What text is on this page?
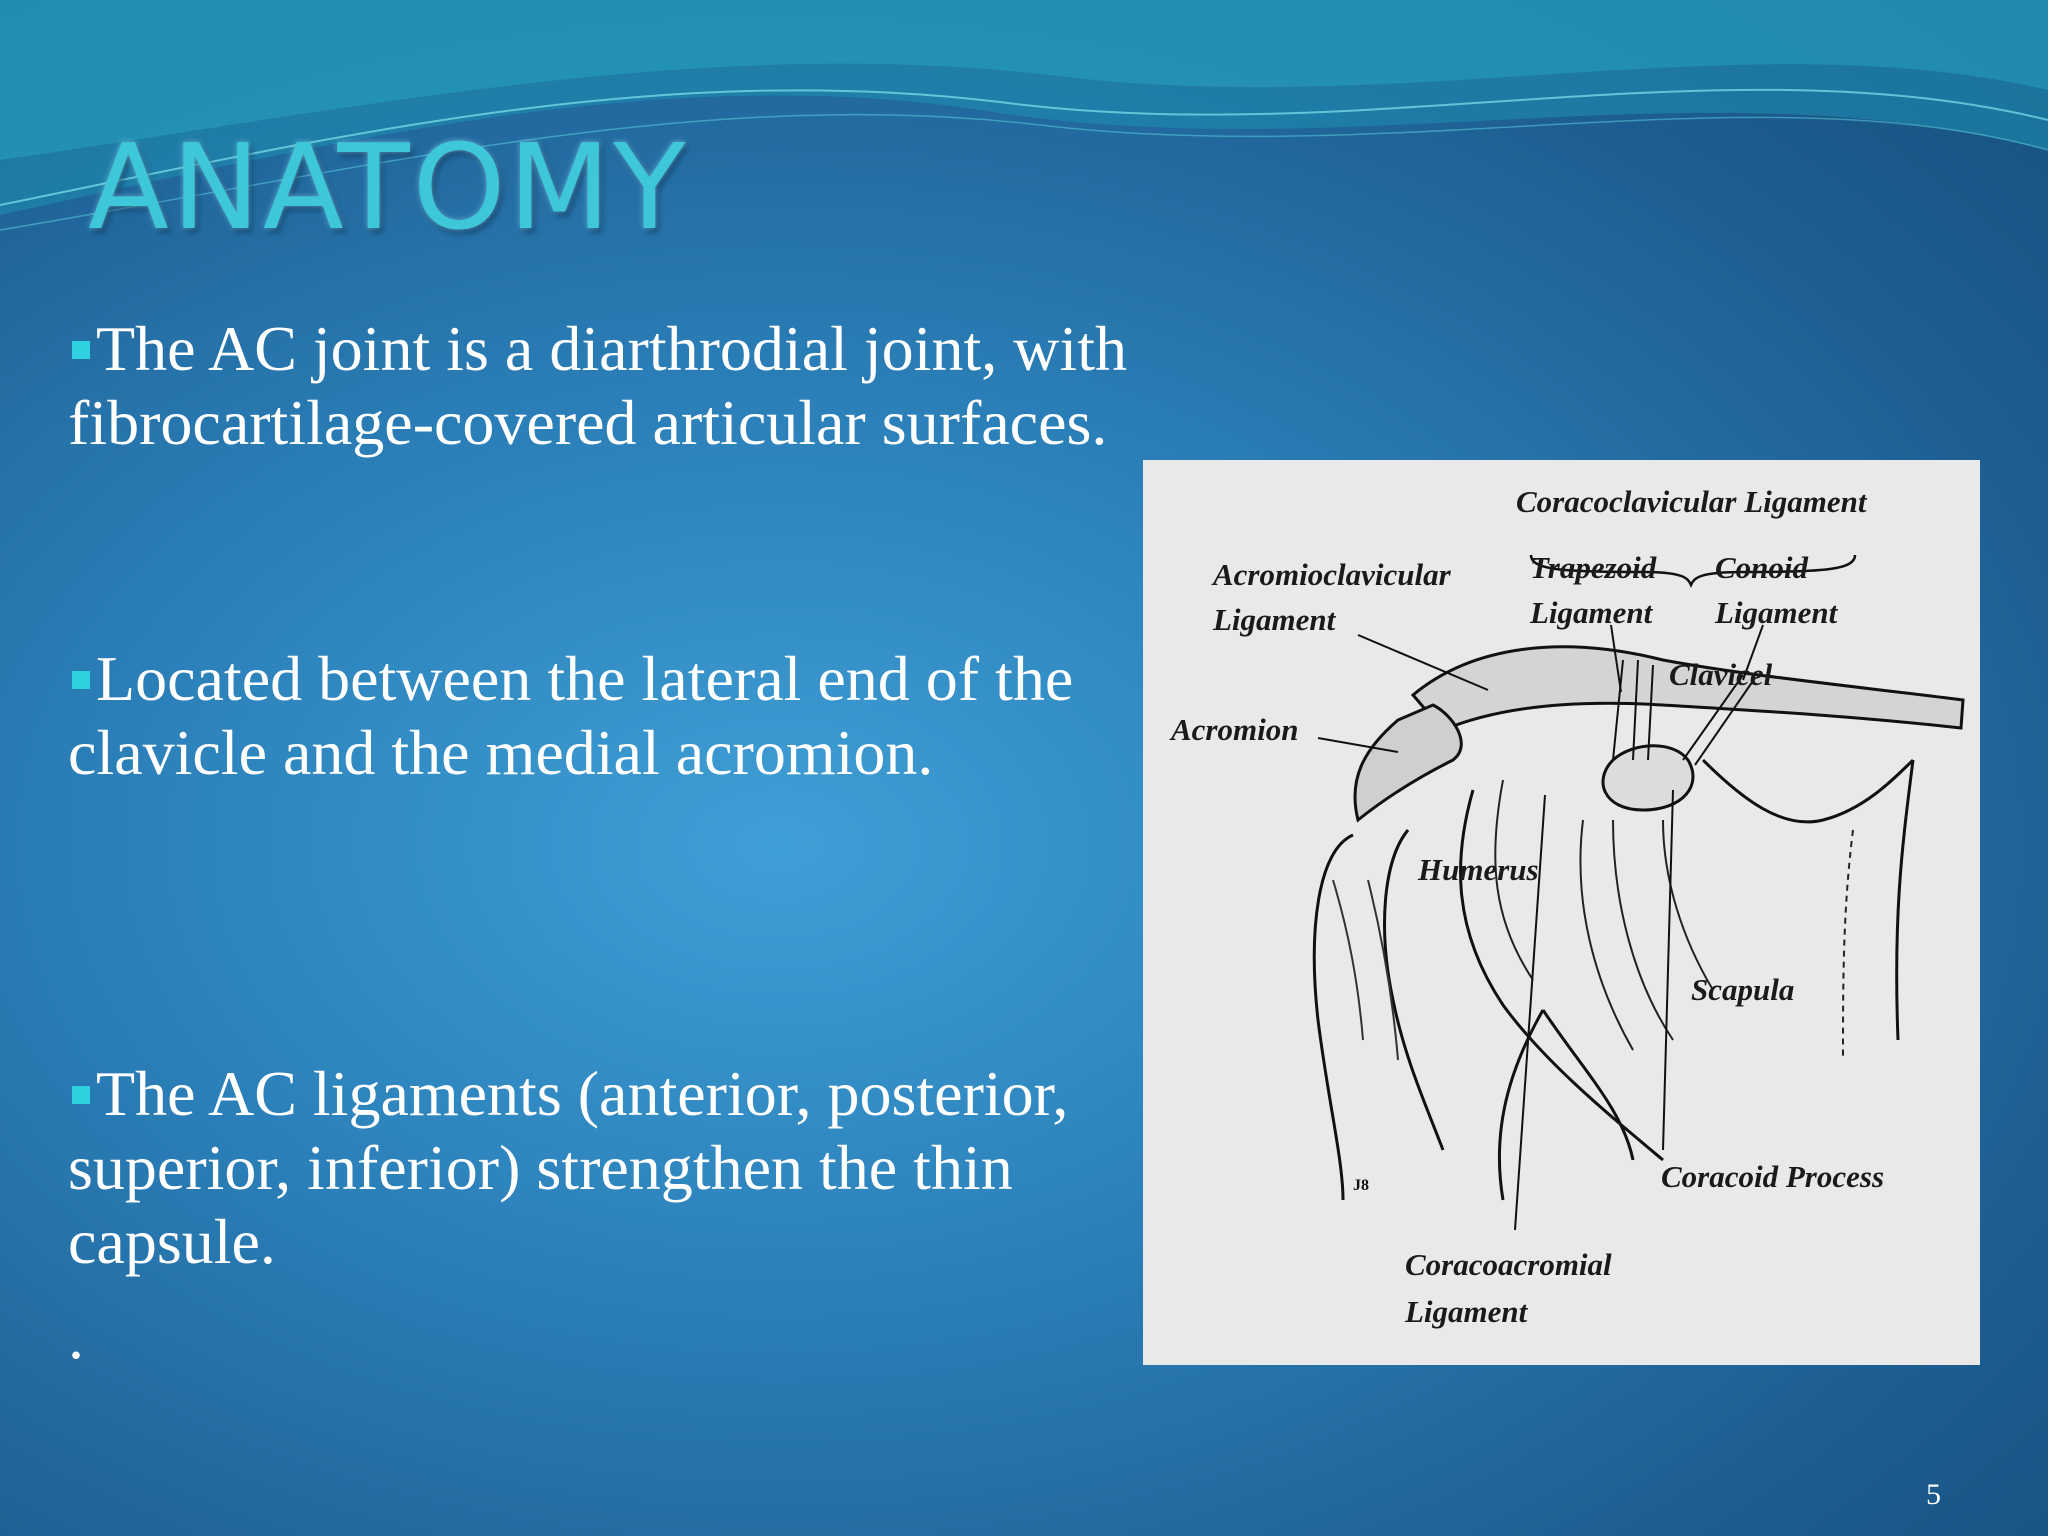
ANATOMY

The AC joint is a diarthrodial joint, with fibrocartilage-covered articular surfaces.

Located between the lateral end of the clavicle and the medial acromion.

The AC ligaments (anterior, posterior, superior, inferior) strengthen the thin capsule.

.
Coracoclavicular Ligament
Acromioclavicular
Ligament
Trapezoid
Ligament
Conoid
Ligament
Clavicel
Acromion
Humerus
Scapula
Coracoid Process
Coracoacromial
Ligament
J8
5
